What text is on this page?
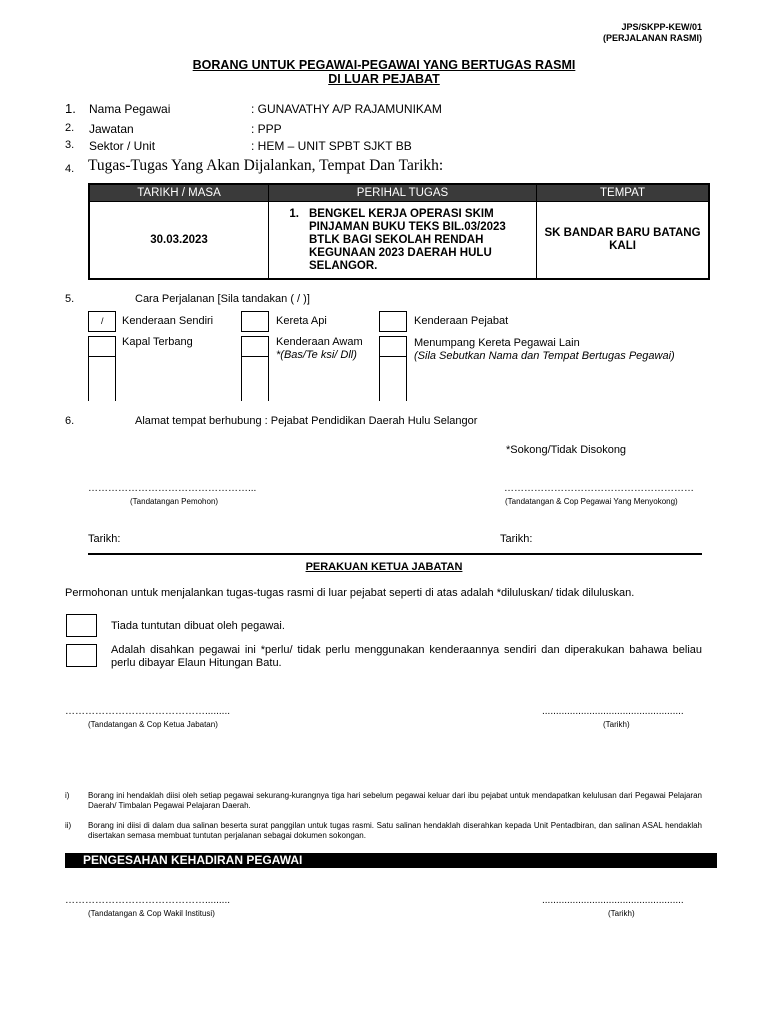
JPS/SKPP-KEW/01
(PERJALANAN RASMI)
BORANG UNTUK PEGAWAI-PEGAWAI YANG BERTUGAS RASMI
DI LUAR PEJABAT
1. Nama Pegawai	: GUNAVATHY A/P RAJAMUNIKAM
2. Jawatan	: PPP
3. Sektor / Unit	: HEM – UNIT SPBT SJKT BB
4. Tugas-Tugas Yang Akan Dijalankan, Tempat Dan Tarikh:
TARIKH / MASA	PERIHAL TUGAS	TEMPAT
30.03.2023	1. BENGKEL KERJA OPERASI SKIM PINJAMAN BUKU TEKS BIL.03/2023 BTLK BAGI SEKOLAH RENDAH KEGUNAAN 2023 DAERAH HULU SELANGOR.	SK BANDAR BARU BATANG KALI
5.	Cara Perjalanan [Sila tandakan ( / )]
/ Kenderaan Sendiri	Kereta Api	Kenderaan Pejabat
Kapal Terbang	Kenderaan Awam
*(Bas/Te ksi/ Dll)
Menumpang Kereta Pegawai Lain
(Sila Sebutkan Nama dan Tempat Bertugas Pegawai)
6.	Alamat tempat berhubung : Pejabat Pendidikan Daerah Hulu Selangor
*Sokong/Tidak Disokong
…………………………………………...	…………………………………………………
(Tandatangan Pemohon)	(Tandatangan & Cop Pegawai Yang Menyokong)
Tarikh:	Tarikh:
PERAKUAN KETUA JABATAN
Permohonan untuk menjalankan tugas-tugas rasmi di luar pejabat seperti di atas adalah *diluluskan/ tidak diluluskan.
Tiada tuntutan dibuat oleh pegawai.
Adalah disahkan pegawai ini *perlu/ tidak perlu menggunakan kenderaannya sendiri dan diperakukan bahawa beliau perlu dibayar Elaun Hitungan Batu.
…………………………………….........	...................................................
(Tandatangan & Cop Ketua Jabatan)	(Tarikh)
i) Borang ini hendaklah diisi oleh setiap pegawai sekurang-kurangnya tiga hari sebelum pegawai keluar dari ibu pejabat untuk mendapatkan kelulusan dari Pegawai Pelajaran Daerah/ Timbalan Pegawai Pelajaran Daerah.
ii) Borang ini diisi di dalam dua salinan beserta surat panggilan untuk tugas rasmi. Satu salinan hendaklah diserahkan kepada Unit Pentadbiran, dan salinan ASAL hendaklah disertakan semasa membuat tuntutan perjalanan sebagai dokumen sokongan.
PENGESAHAN KEHADIRAN PEGAWAI
…………………………………….........	...................................................
(Tandatangan & Cop Wakil Institusi)	(Tarikh)
